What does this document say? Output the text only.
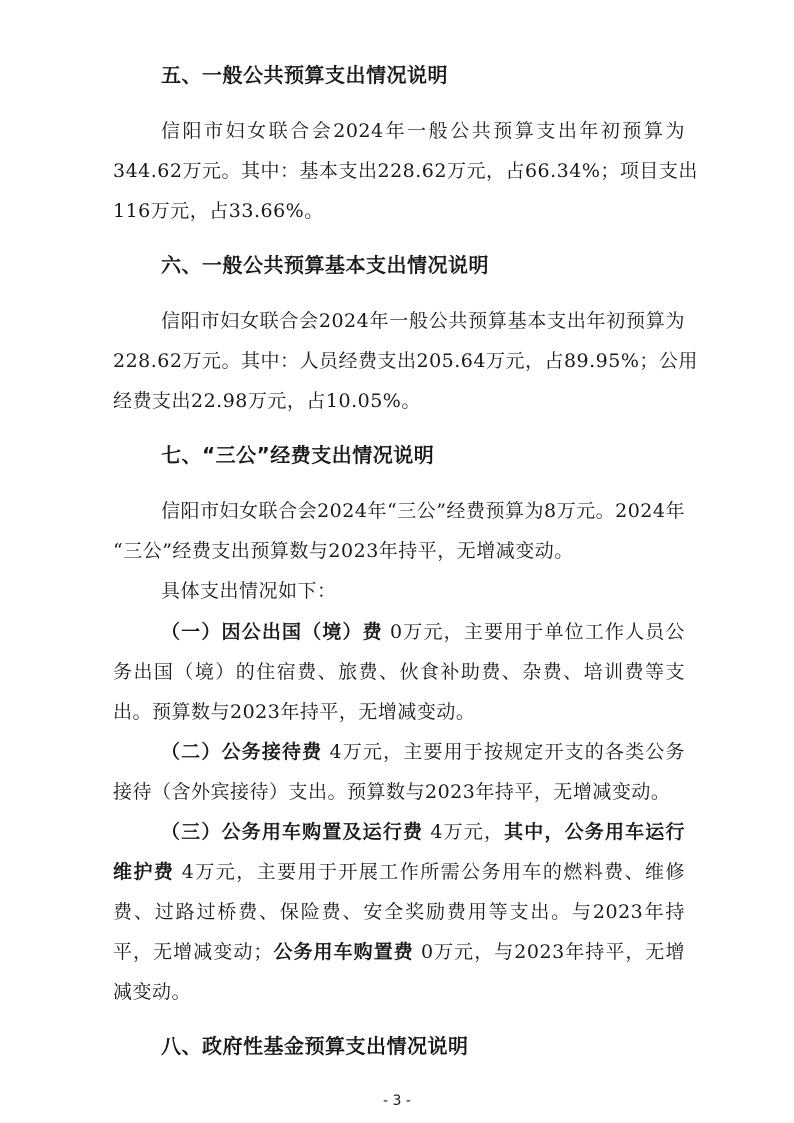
五、一般公共预算支出情况说明
信阳市妇女联合会2024年一般公共预算支出年初预算为
344.62万元。其中：基本支出228.62万元，占66.34%；项目支出
116万元，占33.66%。
六、一般公共预算基本支出情况说明
信阳市妇女联合会2024年一般公共预算基本支出年初预算为
228.62万元。其中：人员经费支出205.64万元，占89.95%；公用
经费支出22.98万元，占10.05%。
七、“三公”经费支出情况说明
信阳市妇女联合会2024年“三公”经费预算为8万元。2024年
“三公”经费支出预算数与2023年持平，无增减变动。
具体支出情况如下：
（一）因公出国（境）费 0万元，主要用于单位工作人员公
务出国（境）的住宿费、旅费、伙食补助费、杂费、培训费等支
出。预算数与2023年持平，无增减变动。
（二）公务接待费 4万元，主要用于按规定开支的各类公务
接待（含外宾接待）支出。预算数与2023年持平，无增减变动。
（三）公务用车购置及运行费 4万元，其中，公务用车运行
维护费 4万元，主要用于开展工作所需公务用车的燃料费、维修
费、过路过桥费、保险费、安全奖励费用等支出。与2023年持
平，无增减变动；公务用车购置费 0万元，与2023年持平，无增
减变动。
八、政府性基金预算支出情况说明
- 3 -
